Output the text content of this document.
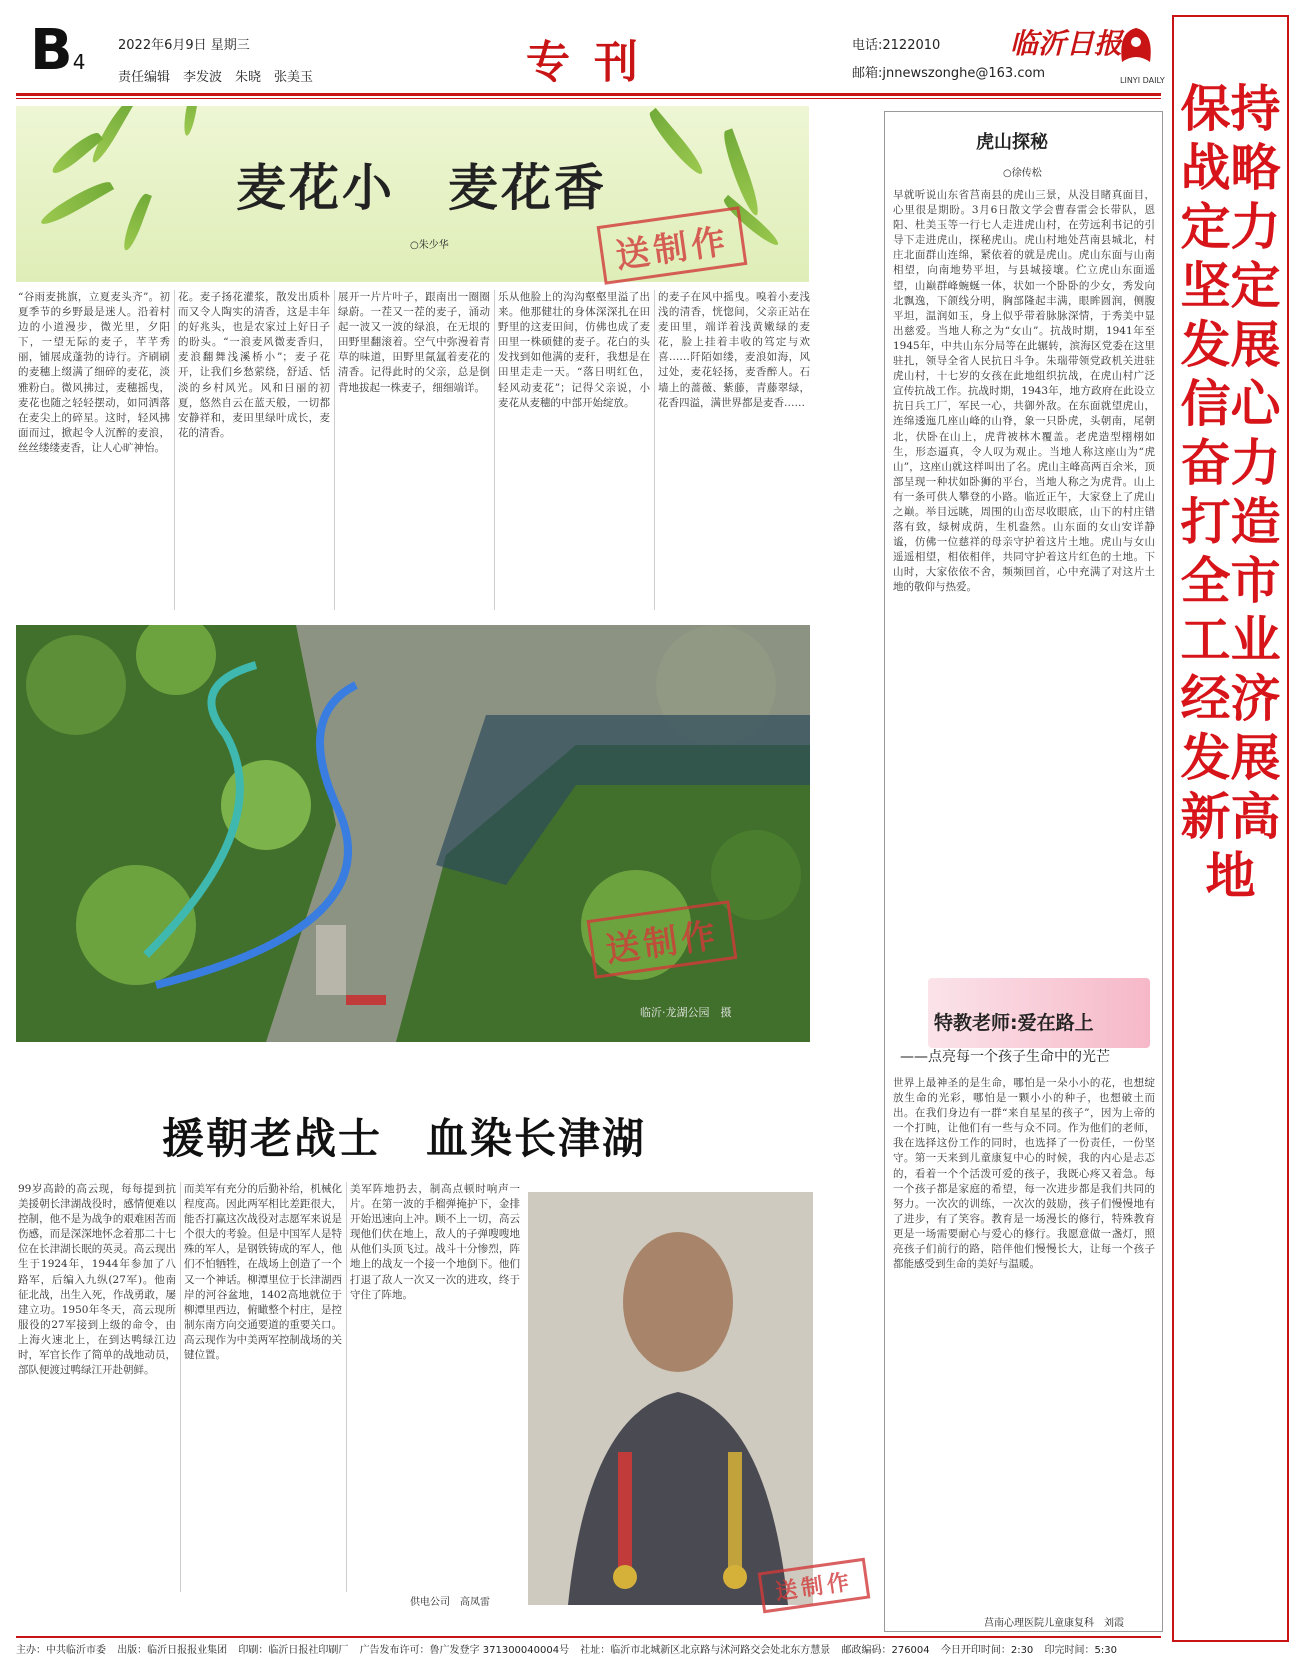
B 4
2022年6月9日 星期三
责任编辑　李发波　朱晓　张美玉	专刊	电话:2122010
邮箱:jnnewszonghe@163.com
临沂日报
LINYI DAILY 保持战略定力坚定发展信心奋力打造全市工业经济发展新高地
麦花小　麦花香
○朱少华	送制作
“谷雨麦挑旗，立夏麦头齐”。初夏季节的乡野最是迷人。沿着村边的小道漫步，微光里，夕阳下，一望无际的麦子，芊芊秀丽，铺展成蓬勃的诗行。齐刷刷的麦穗上缀满了细碎的麦花，淡雅粉白。微风拂过，麦穗摇曳，麦花也随之轻轻摆动，如同洒落在麦尖上的碎星。这时，轻风拂面而过，掀起令人沉醉的麦浪，丝丝缕缕麦香，让人心旷神怡。
花。麦子扬花灌浆，散发出质朴而又令人陶实的清香，这是丰年的好兆头，也是农家过上好日子的盼头。“一浪麦风微麦香归，麦浪翻舞浅溪桥小”；麦子花开，让我们乡愁萦绕，舒适、恬淡的乡村风光。风和日丽的初夏，悠然自云在蓝天般，一切都安静祥和，麦田里绿叶成长，麦花的清香。
展开一片片叶子，跟南出一圈圈绿蔚。一茬又一茬的麦子，涌动起一波又一波的绿浪，在无垠的田野里翻滚着。空气中弥漫着青草的味道，田野里氤氲着麦花的清香。记得此时的父亲，总是倒背地拔起一株麦子，细细端详。
乐从他脸上的沟沟壑壑里溢了出来。他那健壮的身体深深扎在田野里的这麦田间，仿佛也成了麦田里一株硕健的麦子。花白的头发找到如他满的麦秆，我想是在田里走走一天。“落日明红色，轻风动麦花”；记得父亲说，小麦花从麦穗的中部开始绽放。
的麦子在风中摇曳。嗅着小麦浅浅的清香，恍惚间，父亲正站在麦田里，端详着浅黄嫩绿的麦花，脸上挂着丰收的笃定与欢喜……阡陌如缕，麦浪如海，风过处，麦花轻扬，麦香醉人。石墙上的蔷薇、紫藤，青藤翠绿，花香四溢，满世界都是麦香……
送制作
临沂·龙湖公园　摄
援朝老战士　血染长津湖
99岁高龄的高云现，每每提到抗美援朝长津湖战役时，感情便难以控制，他不是为战争的艰难困苦而伤感，而是深深地怀念着那二十七位在长津湖长眠的英灵。高云现出生于1924年，1944年参加了八路军，后编入九纵(27军)。他南征北战，出生入死，作战勇敢，屡建立功。1950年冬天，高云现所服役的27军接到上级的命令，由上海火速北上，在到达鸭绿江边时，军官长作了简单的战地动员，部队便渡过鸭绿江开赴朝鲜。
而美军有充分的后勤补给，机械化程度高。因此两军相比差距很大，能否打赢这次战役对志愿军来说是个很大的考验。但是中国军人是特殊的军人，是钢铁铸成的军人，他们不怕牺牲，在战场上创造了一个又一个神话。柳潭里位于长津湖西岸的河谷盆地，1402高地就位于柳潭里西边，俯瞰整个村庄，是控制东南方向交通要道的重要关口。高云现作为中美两军控制战场的关键位置。
美军阵地扔去，制高点顿时响声一片。在第一波的手榴弹掩护下，金排开始迅速向上冲。顾不上一切，高云现他们伏在地上，敌人的子弹嗖嗖地从他们头顶飞过。战斗十分惨烈，阵地上的战友一个接一个地倒下。他们打退了敌人一次又一次的进攻，终于守住了阵地。
供电公司　高凤雷	送制作
虎山探秘
○徐传松
早就听说山东省莒南县的虎山三景，从没目睹真面目，心里很是期盼。3月6日散文学会曹春雷会长带队，恩阳、杜美玉等一行七人走进虎山村，在劳远利书记的引导下走进虎山，探秘虎山。虎山村地处莒南县城北，村庄北面群山连绵，紧依着的就是虎山。虎山东面与山南相望，向南地势平坦，与县城接壤。伫立虎山东面遥望，山巅群峰蜿蜒一体，状如一个卧卧的少女，秀发向北飘逸，下颌线分明，胸部隆起丰满，眼眸圆润，侧腹平坦，温润如玉，身上似乎带着脉脉深情，于秀美中显出慈爱。当地人称之为“女山”。抗战时期，1941年至1945年，中共山东分局等在此辗转，滨海区党委在这里驻扎，领导全省人民抗日斗争。朱瑞带领党政机关进驻虎山村，十七岁的女孩在此地组织抗战，在虎山村广泛宣传抗战工作。抗战时期，1943年，地方政府在此设立抗日兵工厂，军民一心，共御外敌。在东面就望虎山，连绵逶迤几座山峰的山脊，象一只卧虎，头朝南，尾朝北，伏卧在山上，虎背被林木覆盖。老虎造型栩栩如生，形态逼真，令人叹为观止。当地人称这座山为“虎山”，这座山就这样叫出了名。虎山主峰高两百余米，顶部呈现一种状如卧狮的平台，当地人称之为虎背。山上有一条可供人攀登的小路。临近正午，大家登上了虎山之巅。举目远眺，周围的山峦尽收眼底，山下的村庄错落有致，绿树成荫，生机盎然。山东面的女山安详静谧，仿佛一位慈祥的母亲守护着这片土地。虎山与女山遥遥相望，相依相伴，共同守护着这片红色的土地。下山时，大家依依不舍，频频回首，心中充满了对这片土地的敬仰与热爱。
特教老师:爱在路上
——点亮每一个孩子生命中的光芒
世界上最神圣的是生命，哪怕是一朵小小的花，也想绽放生命的光彩，哪怕是一颗小小的种子，也想破土而出。在我们身边有一群“来自星星的孩子”，因为上帝的一个打盹，让他们有一些与众不同。作为他们的老师，我在选择这份工作的同时，也选择了一份责任，一份坚守。第一天来到儿童康复中心的时候，我的内心是忐忑的，看着一个个活泼可爱的孩子，我既心疼又着急。每一个孩子都是家庭的希望，每一次进步都是我们共同的努力。一次次的训练，一次次的鼓励，孩子们慢慢地有了进步，有了笑容。教育是一场漫长的修行，特殊教育更是一场需要耐心与爱心的修行。我愿意做一盏灯，照亮孩子们前行的路，陪伴他们慢慢长大，让每一个孩子都能感受到生命的美好与温暖。
莒南心理医院儿童康复科　刘霞
主办：中共临沂市委 出版：临沂日报报业集团 印刷：临沂日报社印刷厂 广告发布许可：鲁广发登字 371300040004号 社址：临沂市北城新区北京路与沭河路交会处北东方慧景 邮政编码：276004 今日开印时间：2:30 印完时间：5:30
